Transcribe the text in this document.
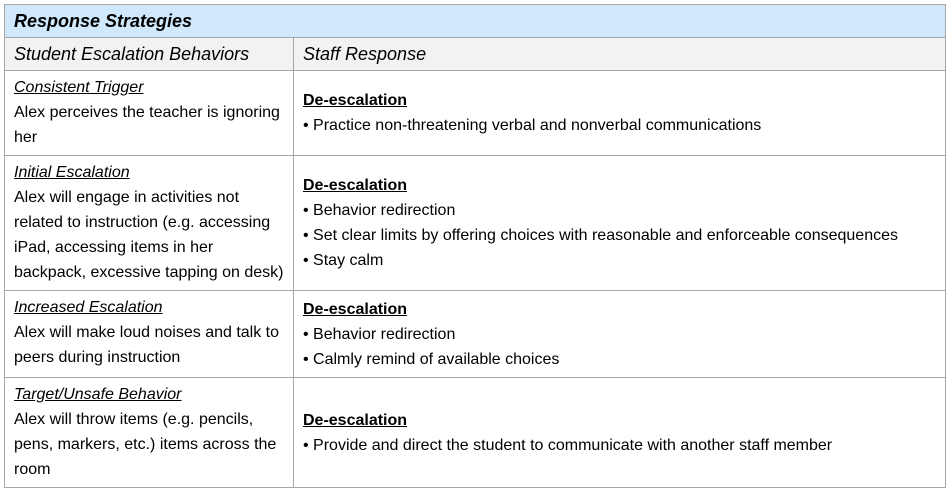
Response Strategies
Student Escalation Behaviors	Staff Response
Consistent Trigger
Alex perceives the teacher is ignoring her
De-escalation
• Practice non-threatening verbal and nonverbal communications
Initial Escalation
Alex will engage in activities not related to instruction (e.g. accessing iPad, accessing items in her backpack, excessive tapping on desk)
De-escalation
• Behavior redirection
• Set clear limits by offering choices with reasonable and enforceable consequences
• Stay calm
Increased Escalation
Alex will make loud noises and talk to peers during instruction
De-escalation
• Behavior redirection
• Calmly remind of available choices
Target/Unsafe Behavior
Alex will throw items (e.g. pencils, pens, markers, etc.) items across the room
De-escalation
• Provide and direct the student to communicate with another staff member
